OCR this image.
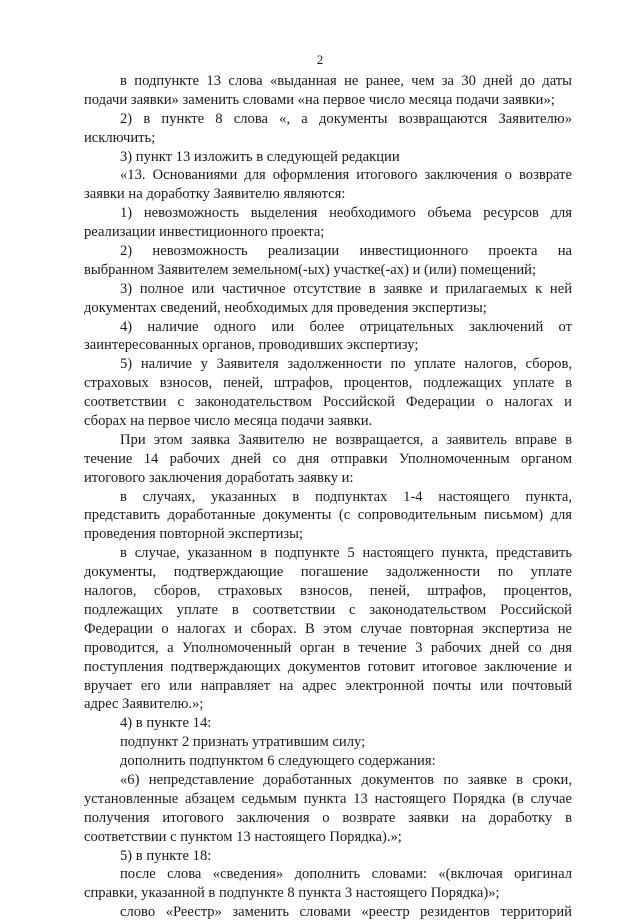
2
в подпункте 13 слова «выданная не ранее, чем за 30 дней до даты
подачи заявки» заменить словами «на первое число месяца подачи заявки»;
2) в пункте 8 слова «, а документы возвращаются Заявителю»
исключить;
3) пункт 13 изложить в следующей редакции
«13. Основаниями для оформления итогового заключения о возврате
заявки на доработку Заявителю являются:
1) невозможность выделения необходимого объема ресурсов для
реализации инвестиционного проекта;
2) невозможность реализации инвестиционного проекта на
выбранном Заявителем земельном(-ых) участке(-ах) и (или) помещений;
3) полное или частичное отсутствие в заявке и прилагаемых к ней
документах сведений, необходимых для проведения экспертизы;
4) наличие одного или более отрицательных заключений от
заинтересованных органов, проводивших экспертизу;
5) наличие у Заявителя задолженности по уплате налогов, сборов,
страховых взносов, пеней, штрафов, процентов, подлежащих уплате в
соответствии с законодательством Российской Федерации о налогах и
сборах на первое число месяца подачи заявки.
При этом заявка Заявителю не возвращается, а заявитель вправе в
течение 14 рабочих дней со дня отправки Уполномоченным органом
итогового заключения доработать заявку и:
в случаях, указанных в подпунктах 1-4 настоящего пункта,
представить доработанные документы (с сопроводительным письмом) для
проведения повторной экспертизы;
в случае, указанном в подпункте 5 настоящего пункта, представить
документы, подтверждающие погашение задолженности по уплате
налогов, сборов, страховых взносов, пеней, штрафов, процентов,
подлежащих уплате в соответствии с законодательством Российской
Федерации о налогах и сборах. В этом случае повторная экспертиза не
проводится, а Уполномоченный орган в течение 3 рабочих дней со дня
поступления подтверждающих документов готовит итоговое заключение и
вручает его или направляет на адрес электронной почты или почтовый
адрес Заявителю.»;
4) в пункте 14:
подпункт 2 признать утратившим силу;
дополнить подпунктом 6 следующего содержания:
«6) непредставление доработанных документов по заявке в сроки,
установленные абзацем седьмым пункта 13 настоящего Порядка (в случае
получения итогового заключения о возврате заявки на доработку в
соответствии с пунктом 13 настоящего Порядка).»;
5) в пункте 18:
после слова «сведения» дополнить словами: «(включая оригинал
справки, указанной в подпункте 8 пункта 3 настоящего Порядка)»;
слово «Реестр» заменить словами «реестр резидентов территорий
